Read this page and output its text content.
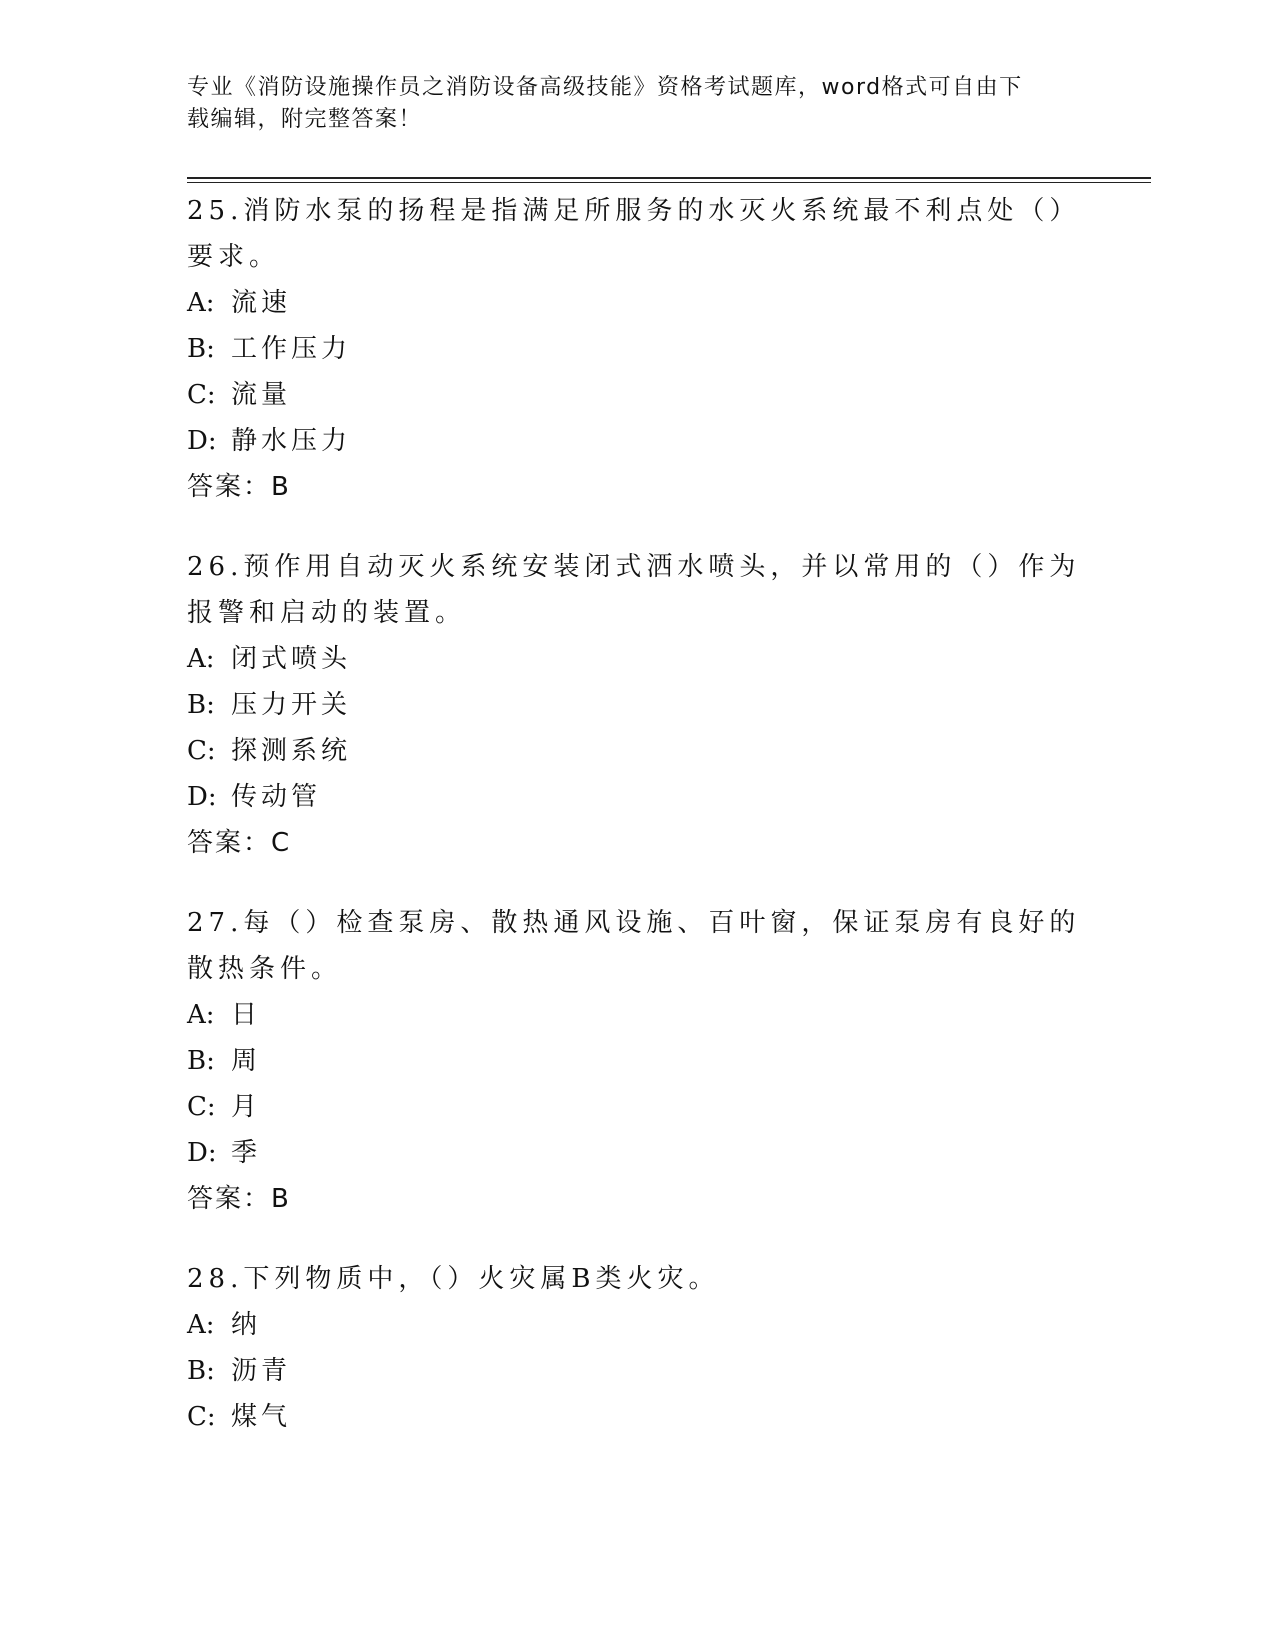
专业《消防设施操作员之消防设备高级技能》资格考试题库，word格式可自由下
载编辑，附完整答案！

25.消防水泵的扬程是指满足所服务的水灭火系统最不利点处（）要求。

A: 流速
B: 工作压力
C: 流量
D: 静水压力

答案：B

26.预作用自动灭火系统安装闭式洒水喷头，并以常用的（）作为报警和启动的装置。

A: 闭式喷头
B: 压力开关
C: 探测系统
D: 传动管

答案：C

27.每（）检查泵房、散热通风设施、百叶窗，保证泵房有良好的散热条件。

A: 日
B: 周
C: 月
D: 季

答案：B

28.下列物质中，（）火灾属B类火灾。

A: 纳
B: 沥青
C: 煤气
